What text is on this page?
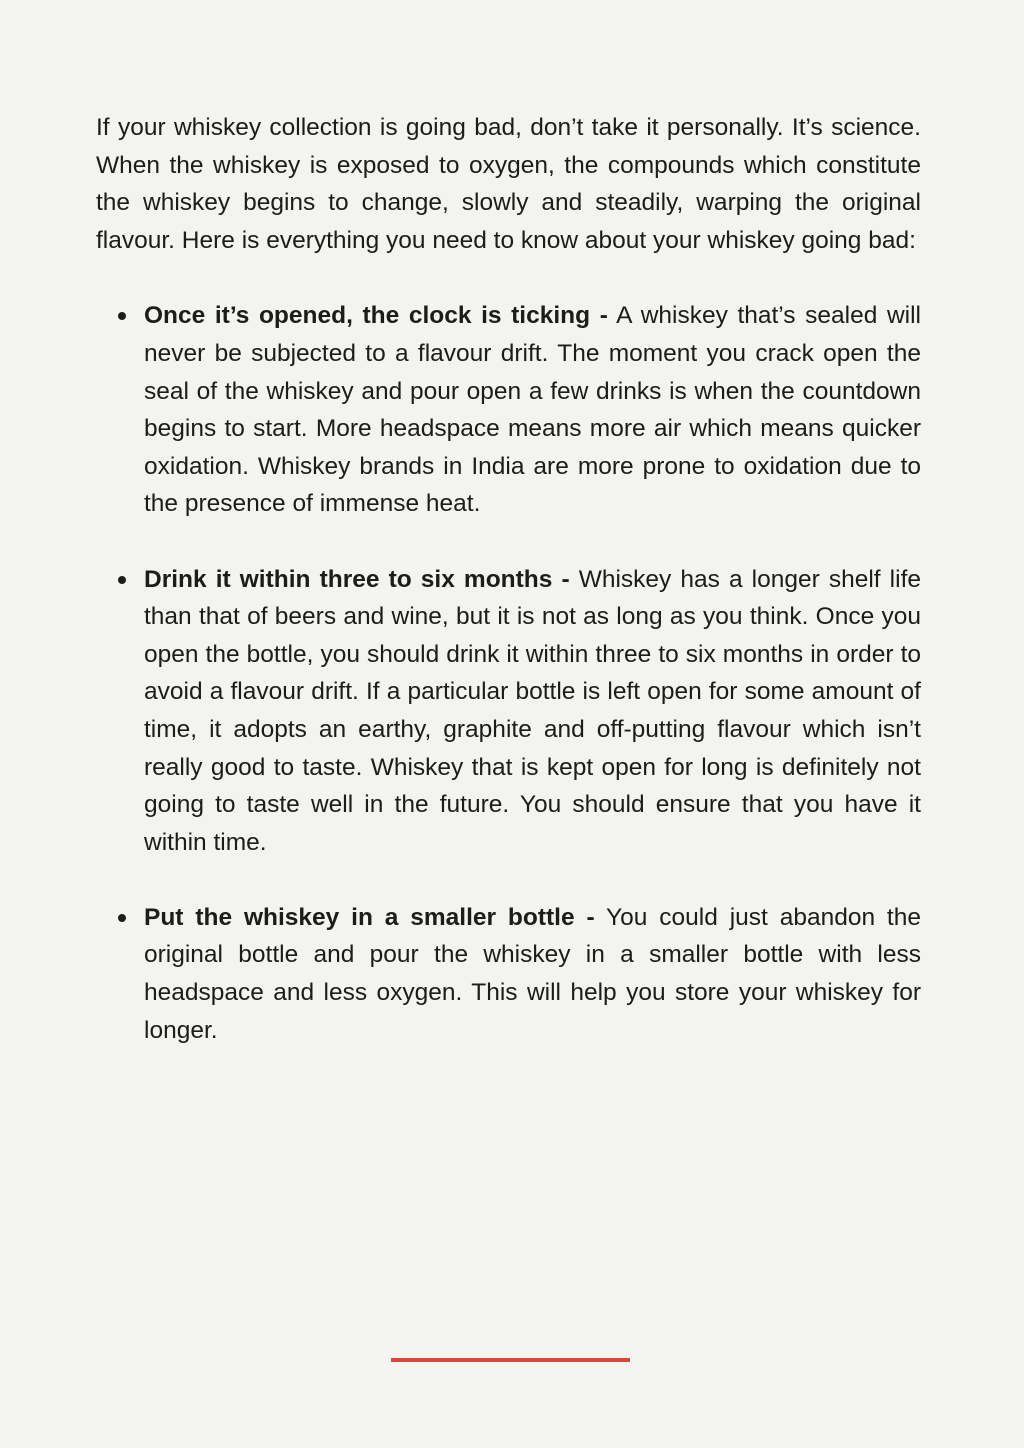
If your whiskey collection is going bad, don’t take it personally. It’s science. When the whiskey is exposed to oxygen, the compounds which constitute the whiskey begins to change, slowly and steadily, warping the original flavour. Here is everything you need to know about your whiskey going bad:

Once it’s opened, the clock is ticking - A whiskey that’s sealed will never be subjected to a flavour drift. The moment you crack open the seal of the whiskey and pour open a few drinks is when the countdown begins to start. More headspace means more air which means quicker oxidation. Whiskey brands in India are more prone to oxidation due to the presence of immense heat.
Drink it within three to six months - Whiskey has a longer shelf life than that of beers and wine, but it is not as long as you think. Once you open the bottle, you should drink it within three to six months in order to avoid a flavour drift. If a particular bottle is left open for some amount of time, it adopts an earthy, graphite and off-putting flavour which isn’t really good to taste. Whiskey that is kept open for long is definitely not going to taste well in the future. You should ensure that you have it within time.
Put the whiskey in a smaller bottle - You could just abandon the original bottle and pour the whiskey in a smaller bottle with less headspace and less oxygen. This will help you store your whiskey for longer.
